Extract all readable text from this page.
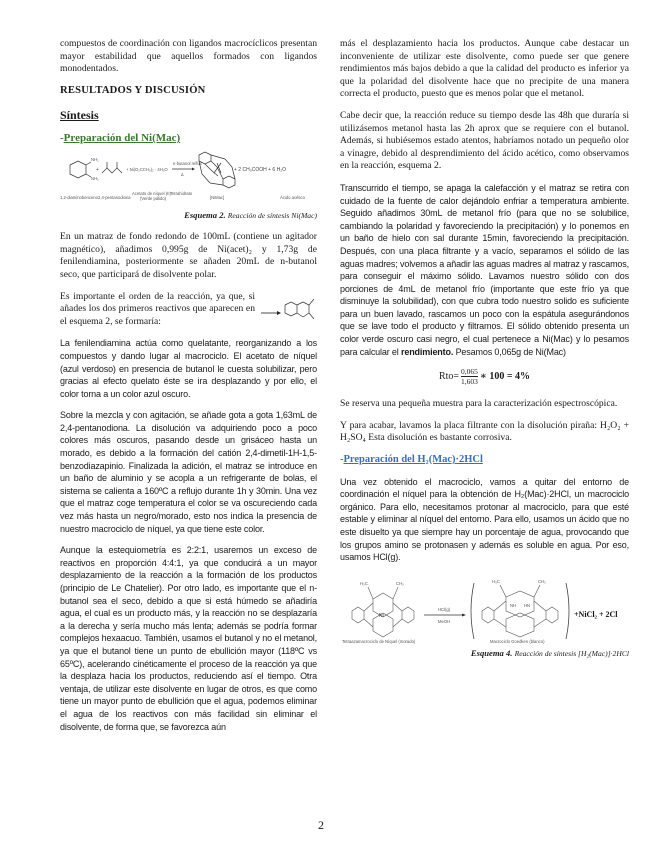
compuestos de coordinación con ligandos macrocíclicos presentan mayor estabilidad que aquellos formados con ligandos monodentados.

RESULTADOS Y DISCUSIÓN
Síntesis
-Preparación del Ni(Mac)
NH₂
NH₂
+	+ Ni(O₂CCH₃)₂ · 4H₂O
n-butanol reflux
∆
+ 2 CH₃COOH + 6 H₂O
1,2-diaminobenceno 2,4-pentanodiona
Acetato de níquel (II)
(Verde pálido)
Tetrahidrato
[NiMac]	Ácido acético
Esquema 2. Reacción de síntesis Ni(Mac)

En un matraz de fondo redondo de 100mL (contiene un agitador magnético), añadimos 0,995g de Ni(acet)₂ y 1,73g de fenilendiamina, posteriormente se añaden 20mL de n-butanol seco, que participará de disolvente polar.

Es importante el orden de la reacción, ya que, si añades los dos primeros reactivos que aparecen en el esquema 2, se formaría:

La fenilendiamina actúa como quelatante, reorganizando a los compuestos y dando lugar al macrociclo. El acetato de níquel (azul verdoso) en presencia de butanol le cuesta solubilizar, pero gracias al efecto quelato éste se ira desplazando y por ello, el color torna a un color azul oscuro.

Sobre la mezcla y con agitación, se añade gota a gota 1,63mL de 2,4-pentanodiona. La disolución va adquiriendo poco a poco colores más oscuros, pasando desde un grisáceo hasta un morado, es debido a la formación del catión 2,4-dimetil-1H-1,5-benzodiazapinio. Finalizada la adición, el matraz se introduce en un baño de aluminio y se acopla a un refrigerante de bolas, el sistema se calienta a 160ºC a reflujo durante 1h y 30min. Una vez que el matraz coge temperatura el color se va oscureciendo cada vez más hasta un negro/morado, esto nos indica la presencia de nuestro macrociclo de níquel, ya que tiene este color.

Aunque la estequiometría es 2:2:1, usaremos un exceso de reactivos en proporción 4:4:1, ya que conducirá a un mayor desplazamiento de la reacción a la formación de los productos (principio de Le Chatelier). Por otro lado, es importante que el n-butanol sea el seco, debido a que si está húmedo se añadiría agua, el cual es un producto más, y la reacción no se desplazaría a la derecha y sería mucho más lenta; además se podría formar complejos hexaacuo. También, usamos el butanol y no el metanol, ya que el butanol tiene un punto de ebullición mayor (118ºC vs 65ºC), acelerando cinéticamente el proceso de la reacción ya que la desplaza hacia los productos, reduciendo así el tiempo. Otra ventaja, de utilizar este disolvente en lugar de otros, es que como tiene un mayor punto de ebullición que el agua, podemos eliminar el agua de los reactivos con más facilidad sin eliminar el disolvente, de forma que, se favorezca aún

más el desplazamiento hacia los productos. Aunque cabe destacar un inconveniente de utilizar este disolvente, como puede ser que genere rendimientos más bajos debido a que la calidad del producto es inferior ya que la polaridad del disolvente hace que no precipite de una manera correcta el producto, puesto que es menos polar que el metanol.

Cabe decir que, la reacción reduce su tiempo desde las 48h que duraría si utilizásemos metanol hasta las 2h aprox que se requiere con el butanol. Además, si hubiésemos estado atentos, habríamos notado un pequeño olor a vinagre, debido al desprendimiento del ácido acético, como observamos en la reacción, esquema 2.

Transcurrido el tiempo, se apaga la calefacción y el matraz se retira con cuidado de la fuente de calor dejándolo enfriar a temperatura ambiente. Seguido añadimos 30mL de metanol frío (para que no se solubilice, cambiando la polaridad y favoreciendo la precipitación) y lo ponemos en un baño de hielo con sal durante 15min, favoreciendo la precipitación. Después, con una placa filtrante y a vacío, separamos el sólido de las aguas madres; volvemos a añadir las aguas madres al matraz y rascamos, para conseguir el máximo sólido. Lavamos nuestro sólido con dos porciones de 4mL de metanol frío (importante que este frío ya que disminuye la solubilidad), con que cubra todo nuestro solido es suficiente para un buen lavado, rascamos un poco con la espátula asegurándonos que se lave todo el producto y filtramos. El sólido obtenido presenta un color verde oscuro casi negro, el cual pertenece a Ni(Mac) y lo pesamos para calcular el rendimiento. Pesamos 0,065g de Ni(Mac)

$Rto= \frac{0,065}{1,603}$ ∗ 100 = 4%

Se reserva una pequeña muestra para la caracterización espectroscópica.

Y para acabar, lavamos la placa filtrante con la disolución piraña: H₂O₂ + H₂SO₄ Esta disolución es bastante corrosiva.

-Preparación del H₂(Mac)·2HCl

Una vez obtenido el macrociclo, vamos a quitar del entorno de coordinación el níquel para la obtención de H₂(Mac)·2HCl, un macrociclo orgánico. Para ello, necesitamos protonar al macrociclo, para que esté estable y eliminar al níquel del entorno. Para ello, usamos un ácido que no este disuelto ya que siempre hay un porcentaje de agua, provocando que los grupos amino se protonasen y además es soluble en agua. Por eso, usamos HCl(g).

Ni
H₃C	CH₃
HCl(g)
MeOH
NH HN
H₃C	CH₃
+NiCl₂ + 2Cl
Tetraazamacrociclo de Níquel (morado)	Macrociclo Goedken (blanco)
Esquema 4. Reacción de síntesis [H₂(Mac)]·2HCl
2
